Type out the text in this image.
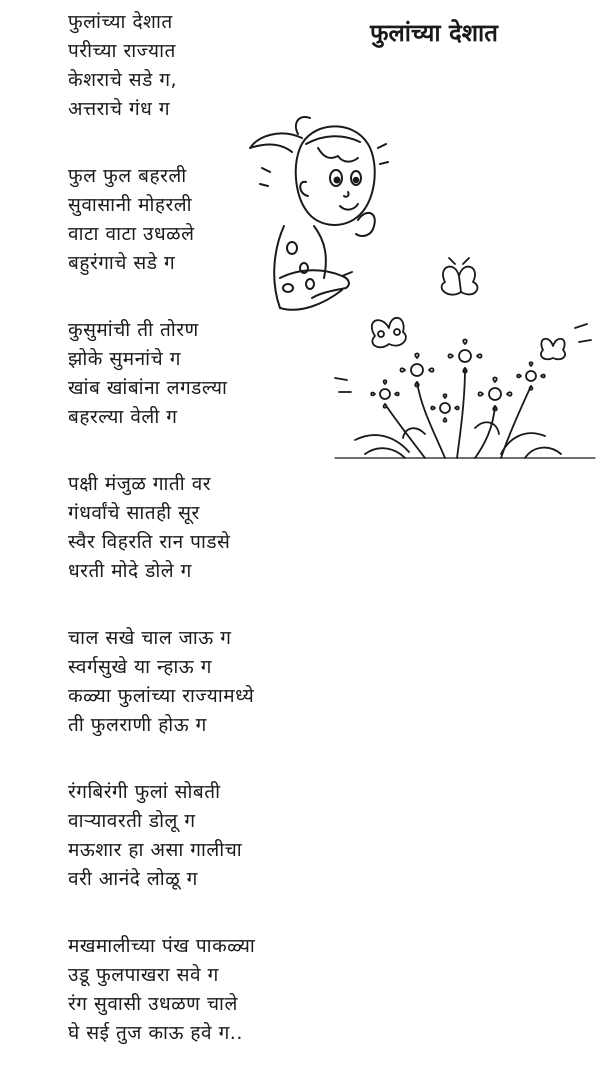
फुलांच्या देशात
फुलांच्या देशात
परीच्या राज्यात
केशराचे सडे ग,
अत्तराचे गंध ग
फुल फुल बहरली
सुवासानी मोहरली
वाटा वाटा उधळले
बहुरंगाचे सडे ग
कुसुमांची ती तोरण
झोके सुमनांचे ग
खांब खांबांना लगडल्या
बहरल्या वेली ग
पक्षी मंजुळ गाती वर
गंधर्वांचे सातही सूर
स्वैर विहरति रान पाडसे
धरती मोदे डोले ग
चाल सखे चाल जाऊ ग
स्वर्गसुखे या न्हाऊ ग
कळ्या फुलांच्या राज्यामध्ये
ती फुलराणी होऊ ग
रंगबिरंगी फुलां सोबती
वाऱ्यावरती डोलू ग
मऊशार हा असा गालीचा
वरी आनंदे लोळू ग
मखमालीच्या पंख पाकळ्या
उडू फुलपाखरा सवे ग
रंग सुवासी उधळण चाले
घे सई तुज काऊ हवे ग..
